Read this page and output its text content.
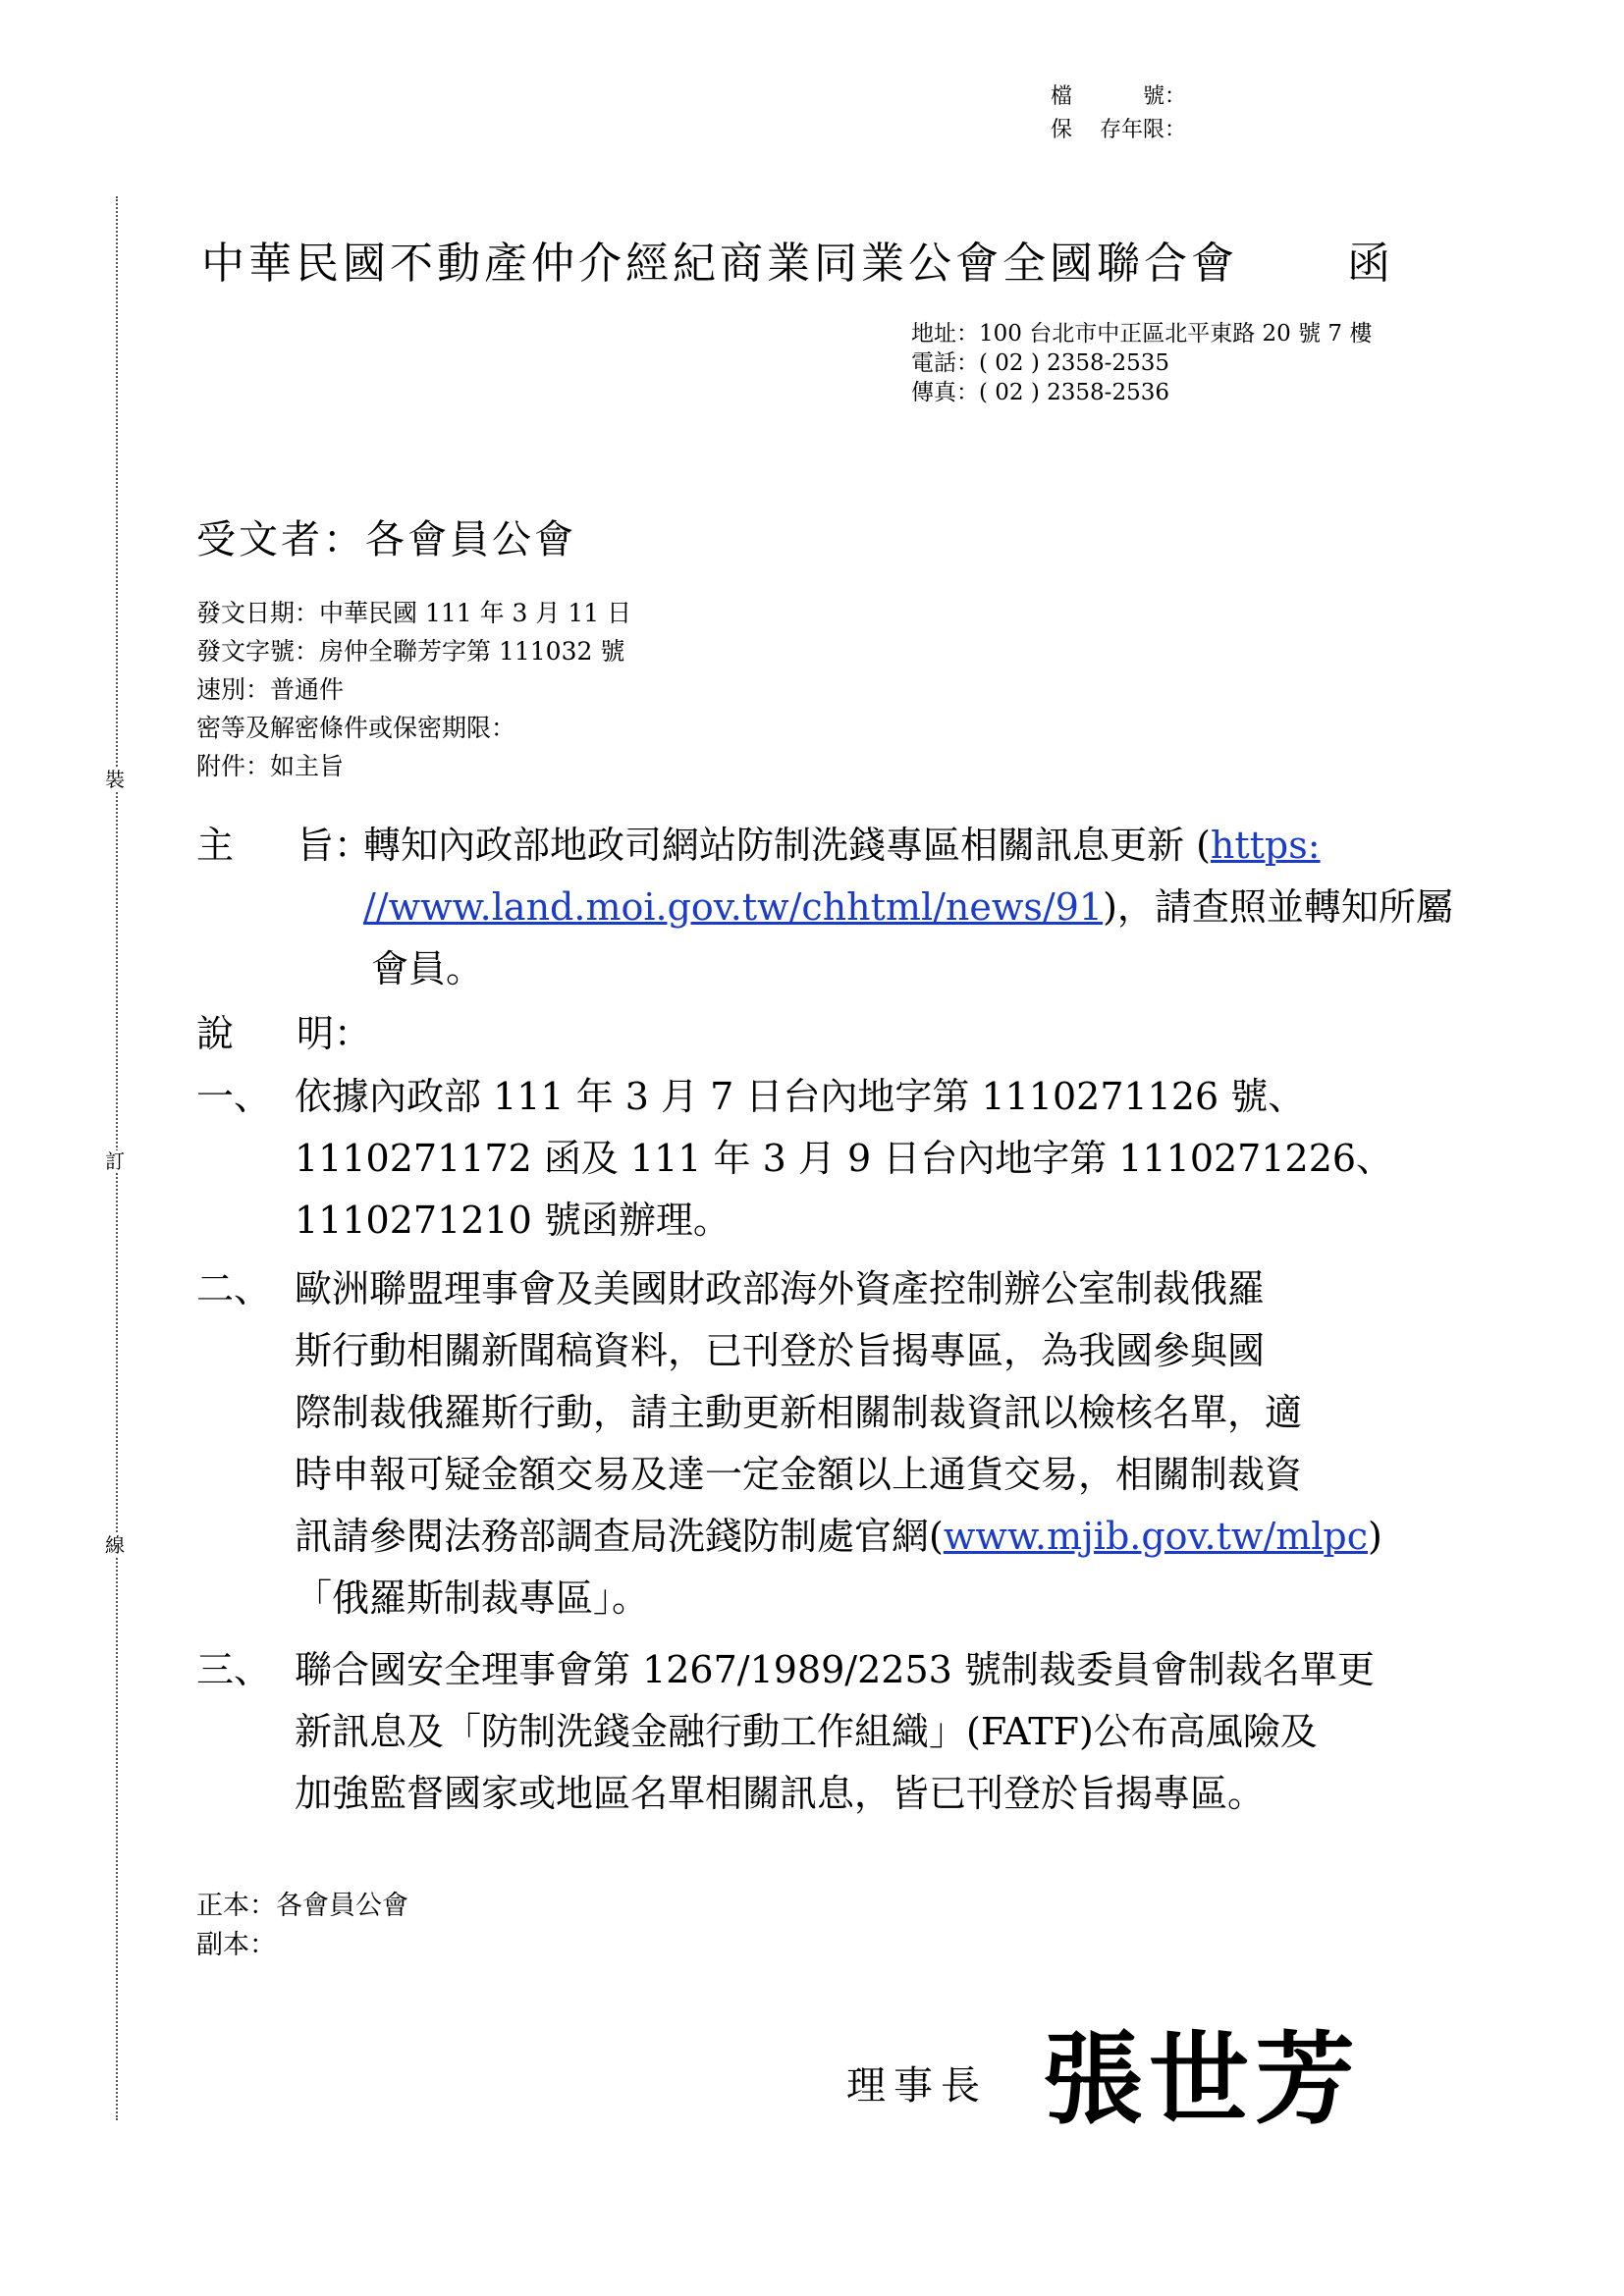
裝
訂
線
檔	號 ：
保 存年限 ：
中華民國不動產仲介經紀商業同業公會全國聯合會	函
地址：100 台北市中正區北平東路 20 號 7 樓
電話：( 02 ) 2358-2535
傳真：( 02 ) 2358-2536
受文者：各會員公會
發文日期：中華民國 111 年 3 月 11 日
發文字號：房仲全聯芳字第 111032 號
速別：普通件
密等及解密條件或保密期限：
附件：如主旨
主 旨 ：
轉知內政部地政司網站防制洗錢專區相關訊息更新 (https:
//www.land.moi.gov.tw/chhtml/news/91)，請查照並轉知所屬
會員。
說 明 ：
一、 依據內政部 111 年 3 月 7 日台內地字第 1110271126 號、
1110271172 函及 111 年 3 月 9 日台內地字第 1110271226、
1110271210 號函辦理。
二、 歐洲聯盟理事會及美國財政部海外資產控制辦公室制裁俄羅
斯行動相關新聞稿資料，已刊登於旨揭專區，為我國參與國
際制裁俄羅斯行動，請主動更新相關制裁資訊以檢核名單，適
時申報可疑金額交易及達一定金額以上通貨交易，相關制裁資
訊請參閱法務部調查局洗錢防制處官網(www.mjib.gov.tw/mlpc)
「俄羅斯制裁專區」。
三、 聯合國安全理事會第 1267/1989/2253 號制裁委員會制裁名單更
新訊息及「防制洗錢金融行動工作組織」(FATF)公布高風險及
加強監督國家或地區名單相關訊息，皆已刊登於旨揭專區。
正本：各會員公會
副本：
理事長 張世芳
